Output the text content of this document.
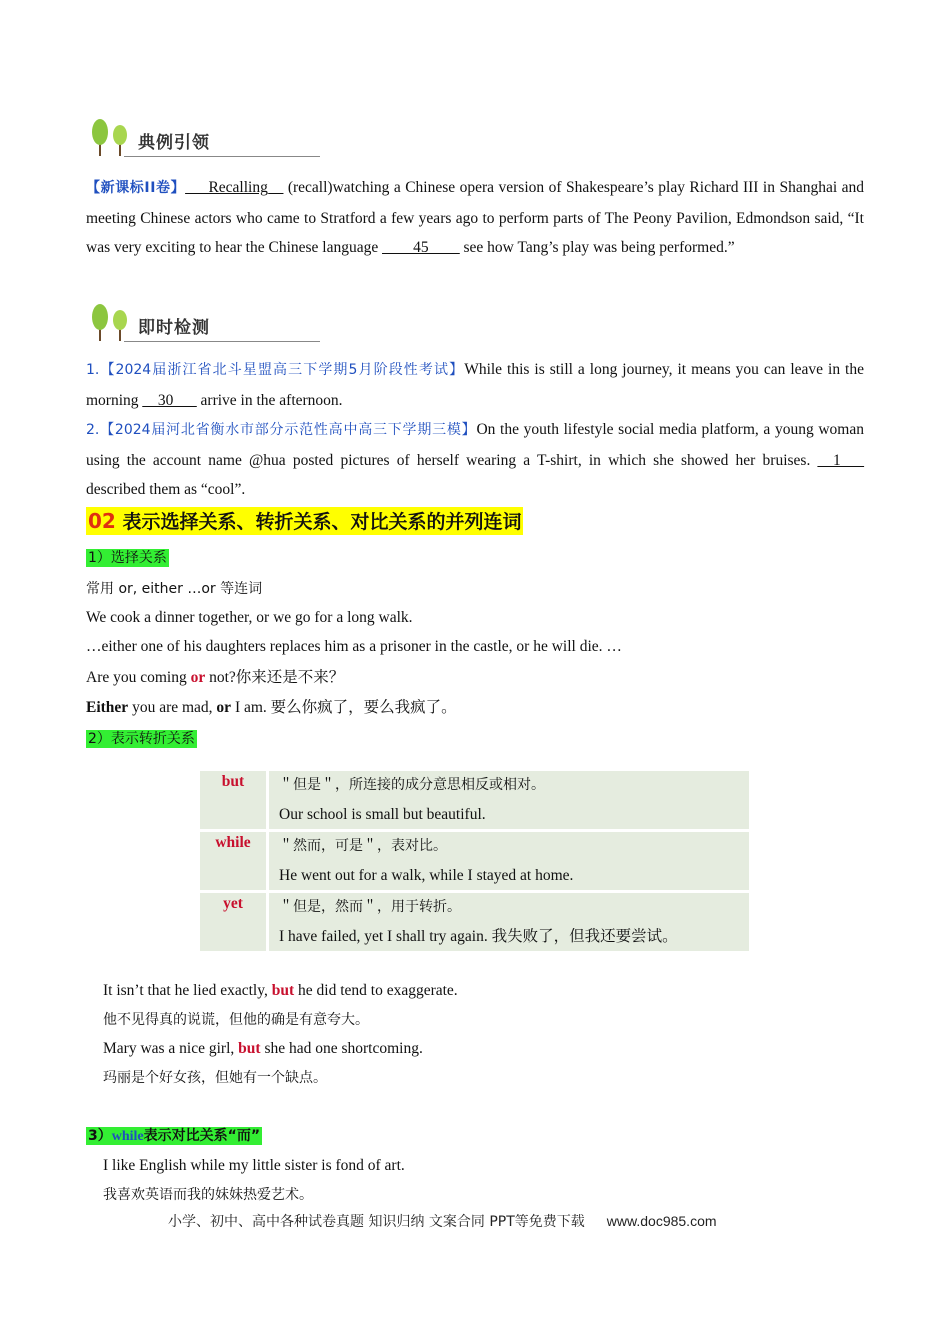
典例引领
【新课标ⅠⅠ卷】___Recalling__ (recall)watching a Chinese opera version of Shakespeare’s play Richard III in Shanghai and meeting Chinese actors who came to Stratford a few years ago to perform parts of The Peony Pavilion, Edmondson said, “It was very exciting to hear the Chinese language ____45____ see how Tang’s play was being performed.”
即时检测
1.【2024届浙江省北斗星盟高三下学期5月阶段性考试】While this is still a long journey, it means you can leave in the morning __30___ arrive in the afternoon.
2.【2024届河北省衡水市部分示范性高中高三下学期三模】On the youth lifestyle social media platform, a young woman using the account name @hua posted pictures of herself wearing a T-shirt, in which she showed her bruises. __1___ described them as “cool”.
02 表示选择关系、转折关系、对比关系的并列连词
1）选择关系
常用 or, either …or 等连词
We cook a dinner together, or we go for a long walk.
…either one of his daughters replaces him as a prisoner in the castle, or he will die. …
Are you coming or not?你来还是不来？
Either you are mad, or I am. 要么你疯了，要么我疯了。
2）表示转折关系
but	＂但是＂，所连接的成分意思相反或相对。
Our school is small but beautiful.

while	＂然而，可是＂，表对比。
He went out for a walk, while I stayed at home.

yet	＂但是，然而＂，用于转折。
I have failed, yet I shall try again. 我失败了，但我还要尝试。
It isn’t that he lied exactly, but he did tend to exaggerate.
他不见得真的说谎，但他的确是有意夸大。
Mary was a nice girl, but she had one shortcoming.
玛丽是个好女孩，但她有一个缺点。
3）while表示对比关系“而”
I like English while my little sister is fond of art.
我喜欢英语而我的妹妹热爱艺术。
小学、初中、高中各种试卷真题 知识归纳 文案合同 PPT等免费下载 www.doc985.com
